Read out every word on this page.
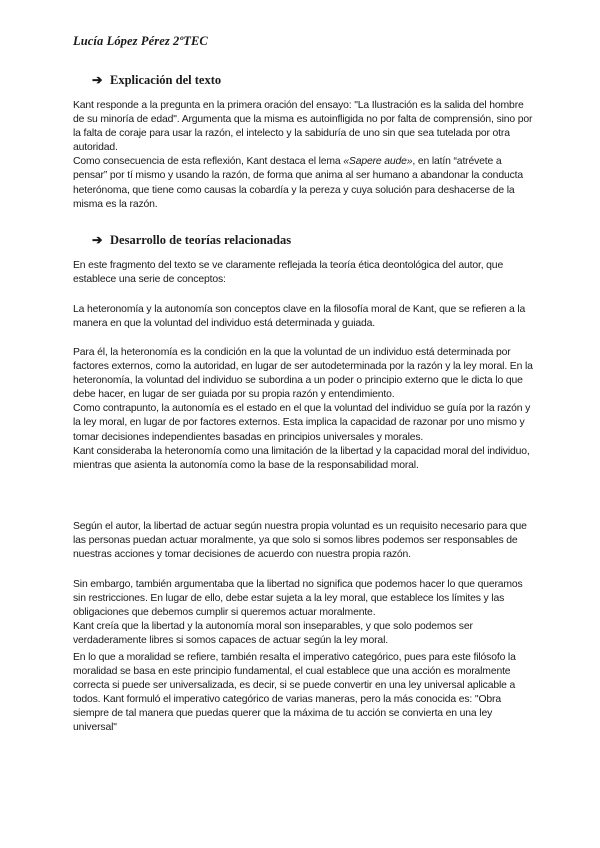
Lucía López Pérez 2ºTEC
➔ Explicación del texto

Kant responde a la pregunta en la primera oración del ensayo: "La Ilustración es la salida del hombre de su minoría de edad". Argumenta que la misma es autoinfligida no por falta de comprensión, sino por la falta de coraje para usar la razón, el intelecto y la sabiduría de uno sin que sea tutelada por otra autoridad.

Como consecuencia de esta reflexión, Kant destaca el lema «Sapere aude», en latín “atrévete a pensar” por tí mismo y usando la razón, de forma que anima al ser humano a abandonar la conducta heterónoma, que tiene como causas la cobardía y la pereza y cuya solución para deshacerse de la misma es la razón.

➔ Desarrollo de teorías relacionadas
En este fragmento del texto se ve claramente reflejada la teoría ética deontológica del autor, que establece una serie de conceptos:
La heteronomía y la autonomía son conceptos clave en la filosofía moral de Kant, que se refieren a la manera en que la voluntad del individuo está determinada y guiada.

Para él, la heteronomía es la condición en la que la voluntad de un individuo está determinada por factores externos, como la autoridad, en lugar de ser autodeterminada por la razón y la ley moral. En la heteronomía, la voluntad del individuo se subordina a un poder o principio externo que le dicta lo que debe hacer, en lugar de ser guiada por su propia razón y entendimiento.

Como contrapunto, la autonomía es el estado en el que la voluntad del individuo se guía por la razón y la ley moral, en lugar de por factores externos. Esta implica la capacidad de razonar por uno mismo y tomar decisiones independientes basadas en principios universales y morales.

Kant consideraba la heteronomía como una limitación de la libertad y la capacidad moral del individuo, mientras que asienta la autonomía como la base de la responsabilidad moral.

Según el autor, la libertad de actuar según nuestra propia voluntad es un requisito necesario para que las personas puedan actuar moralmente, ya que solo si somos libres podemos ser responsables de nuestras acciones y tomar decisiones de acuerdo con nuestra propia razón.

Sin embargo, también argumentaba que la libertad no significa que podemos hacer lo que queramos sin restricciones. En lugar de ello, debe estar sujeta a la ley moral, que establece los límites y las obligaciones que debemos cumplir si queremos actuar moralmente.

Kant creía que la libertad y la autonomía moral son inseparables, y que solo podemos ser verdaderamente libres si somos capaces de actuar según la ley moral.

En lo que a moralidad se refiere, también resalta el imperativo categórico, pues para este filósofo la moralidad se basa en este principio fundamental, el cual establece que una acción es moralmente correcta si puede ser universalizada, es decir, si se puede convertir en una ley universal aplicable a todos. Kant formuló el imperativo categórico de varias maneras, pero la más conocida es: "Obra siempre de tal manera que puedas querer que la máxima de tu acción se convierta en una ley universal"
